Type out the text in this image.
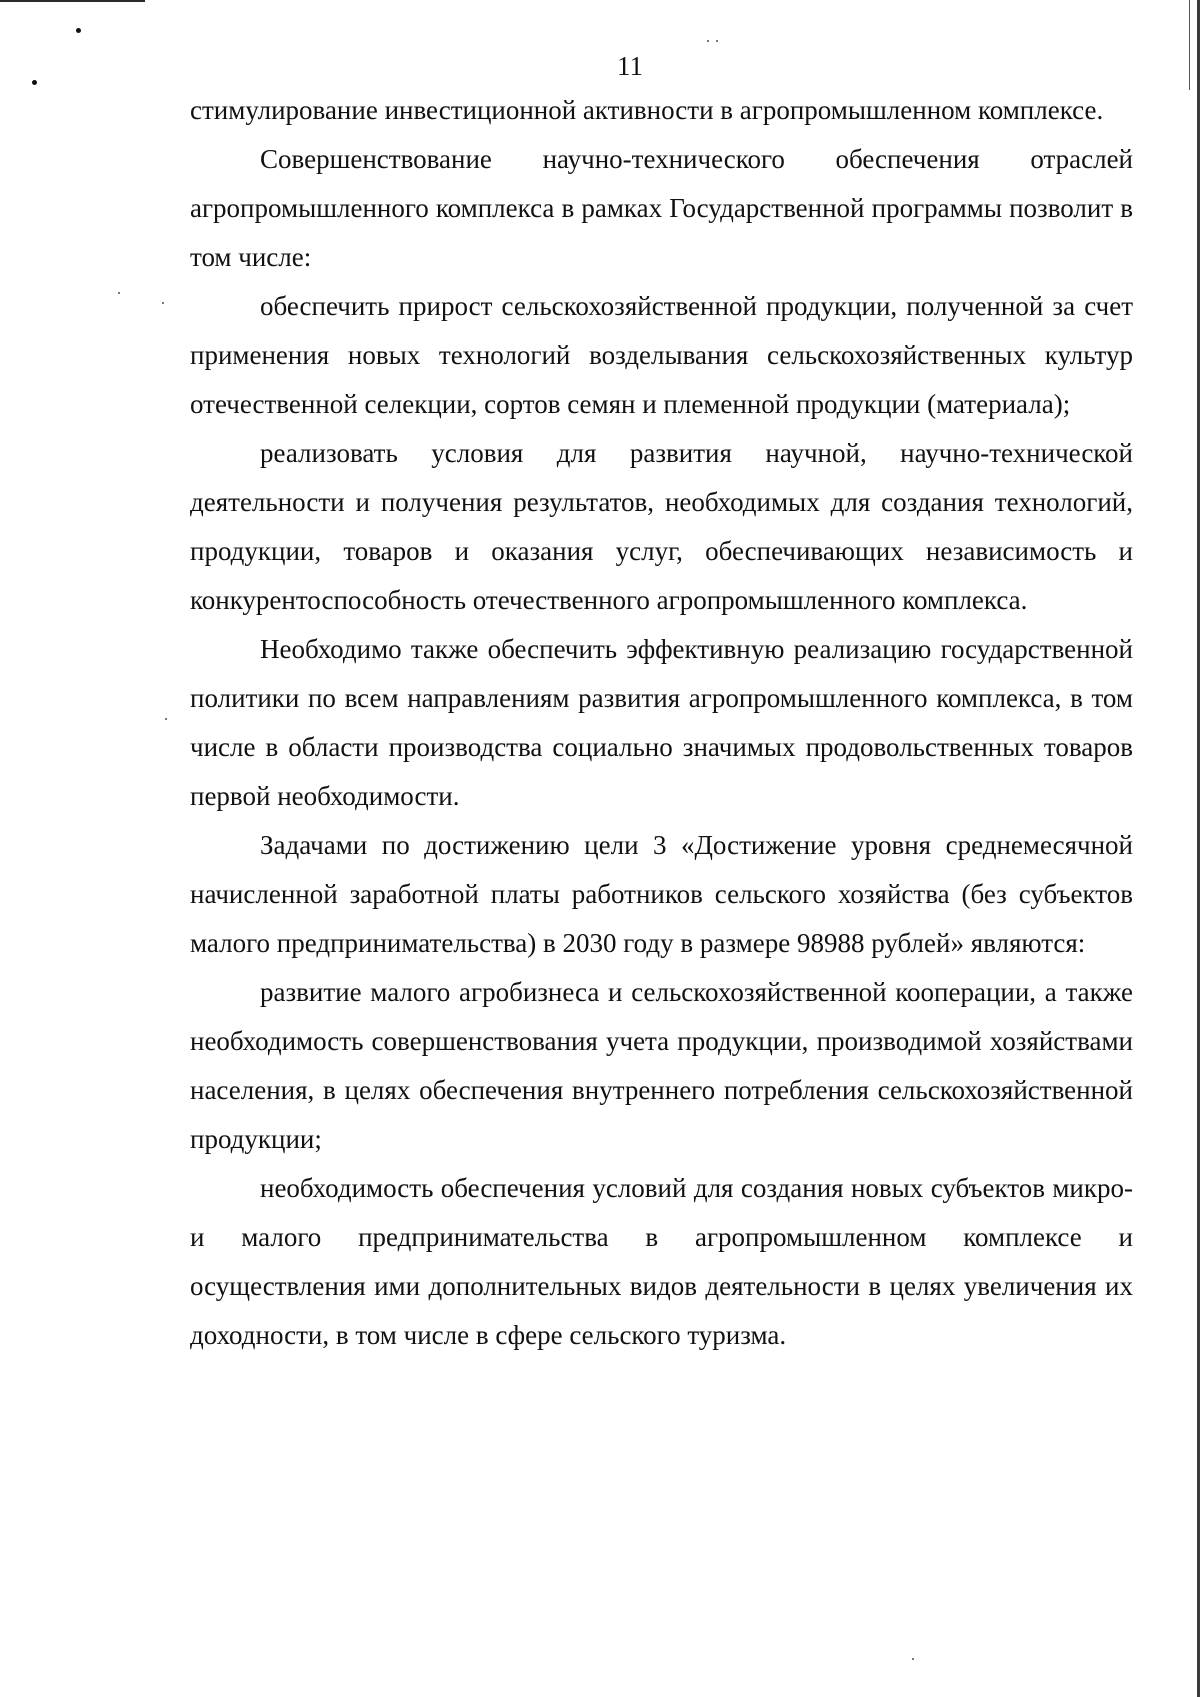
11

стимулирование инвестиционной активности в агропромышленном комплексе.

Совершенствование научно-технического обеспечения отраслей агропромышленного комплекса в рамках Государственной программы позволит в том числе:

обеспечить прирост сельскохозяйственной продукции, полученной за счет применения новых технологий возделывания сельскохозяйственных культур отечественной селекции, сортов семян и племенной продукции (материала);

реализовать условия для развития научной, научно-технической деятельности и получения результатов, необходимых для создания технологий, продукции, товаров и оказания услуг, обеспечивающих независимость и конкурентоспособность отечественного агропромышленного комплекса.

Необходимо также обеспечить эффективную реализацию государственной политики по всем направлениям развития агропромышленного комплекса, в том числе в области производства социально значимых продовольственных товаров первой необходимости.

Задачами по достижению цели 3 «Достижение уровня среднемесячной начисленной заработной платы работников сельского хозяйства (без субъектов малого предпринимательства) в 2030 году в размере 98988 рублей» являются:

развитие малого агробизнеса и сельскохозяйственной кооперации, а также необходимость совершенствования учета продукции, производимой хозяйствами населения, в целях обеспечения внутреннего потребления сельскохозяйственной продукции;

необходимость обеспечения условий для создания новых субъектов микро- и малого предпринимательства в агропромышленном комплексе и осуществления ими дополнительных видов деятельности в целях увеличения их доходности, в том числе в сфере сельского туризма.
